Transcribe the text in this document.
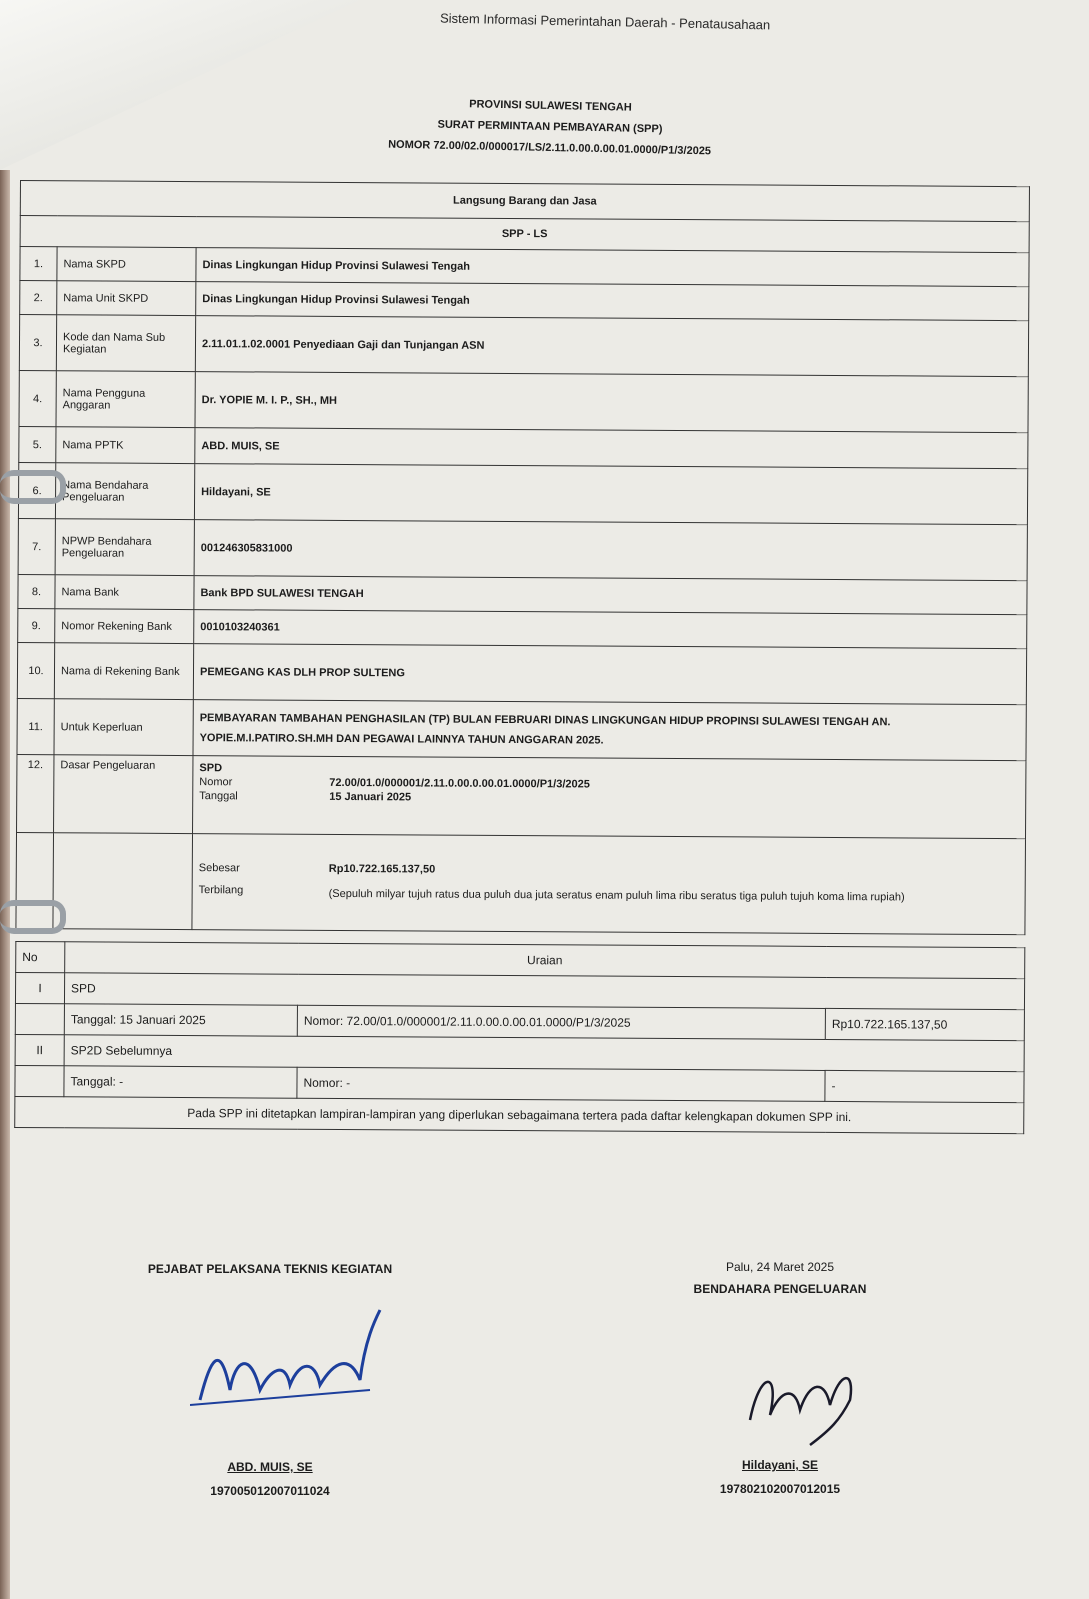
Sistem Informasi Pemerintahan Daerah - Penatausahaan
PROVINSI SULAWESI TENGAH
SURAT PERMINTAAN PEMBAYARAN (SPP)
NOMOR 72.00/02.0/000017/LS/2.11.0.00.0.00.01.0000/P1/3/2025
Langsung Barang dan Jasa		
SPP - LS		
1.	Nama SKPD	Dinas Lingkungan Hidup Provinsi Sulawesi Tengah
2.	Nama Unit SKPD	Dinas Lingkungan Hidup Provinsi Sulawesi Tengah
3.	Kode dan Nama Sub Kegiatan	2.11.01.1.02.0001 Penyediaan Gaji dan Tunjangan ASN
4.	Nama Pengguna Anggaran	Dr. YOPIE M. I. P., SH., MH
5.	Nama PPTK	ABD. MUIS, SE
6.	Nama Bendahara Pengeluaran	Hildayani, SE
7.	NPWP Bendahara Pengeluaran	001246305831000
8.	Nama Bank	Bank BPD SULAWESI TENGAH
9.	Nomor Rekening Bank	0010103240361
10.	Nama di Rekening Bank	PEMEGANG KAS DLH PROP SULTENG
11.	Untuk Keperluan	PEMBAYARAN TAMBAHAN PENGHASILAN (TP) BULAN FEBRUARI DINAS LINGKUNGAN HIDUP PROPINSI SULAWESI TENGAH AN. YOPIE.M.I.PATIRO.SH.MH DAN PEGAWAI LAINNYA TAHUN ANGGARAN 2025.
12.	Dasar Pengeluaran	SPD
Nomor 72.00/01.0/000001/2.11.0.00.0.00.01.0000/P1/3/2025
Tanggal 15 Januari 2025

		Sebesar Rp10.722.165.137,50
Terbilang (Sepuluh milyar tujuh ratus dua puluh dua juta seratus enam puluh lima ribu seratus tiga puluh tujuh koma lima rupiah)
No	Uraian		
I	SPD		
	Tanggal: 15 Januari 2025	Nomor: 72.00/01.0/000001/2.11.0.00.0.00.01.0000/P1/3/2025	Rp10.722.165.137,50
II	SP2D Sebelumnya		
	Tanggal: -	Nomor: -	-
Pada SPP ini ditetapkan lampiran-lampiran yang diperlukan sebagaimana tertera pada daftar kelengkapan dokumen SPP ini.			
PEJABAT PELAKSANA TEKNIS KEGIATAN
ABD. MUIS, SE
197005012007011024
Palu, 24 Maret 2025
BENDAHARA PENGELUARAN
Hildayani, SE
197802102007012015
